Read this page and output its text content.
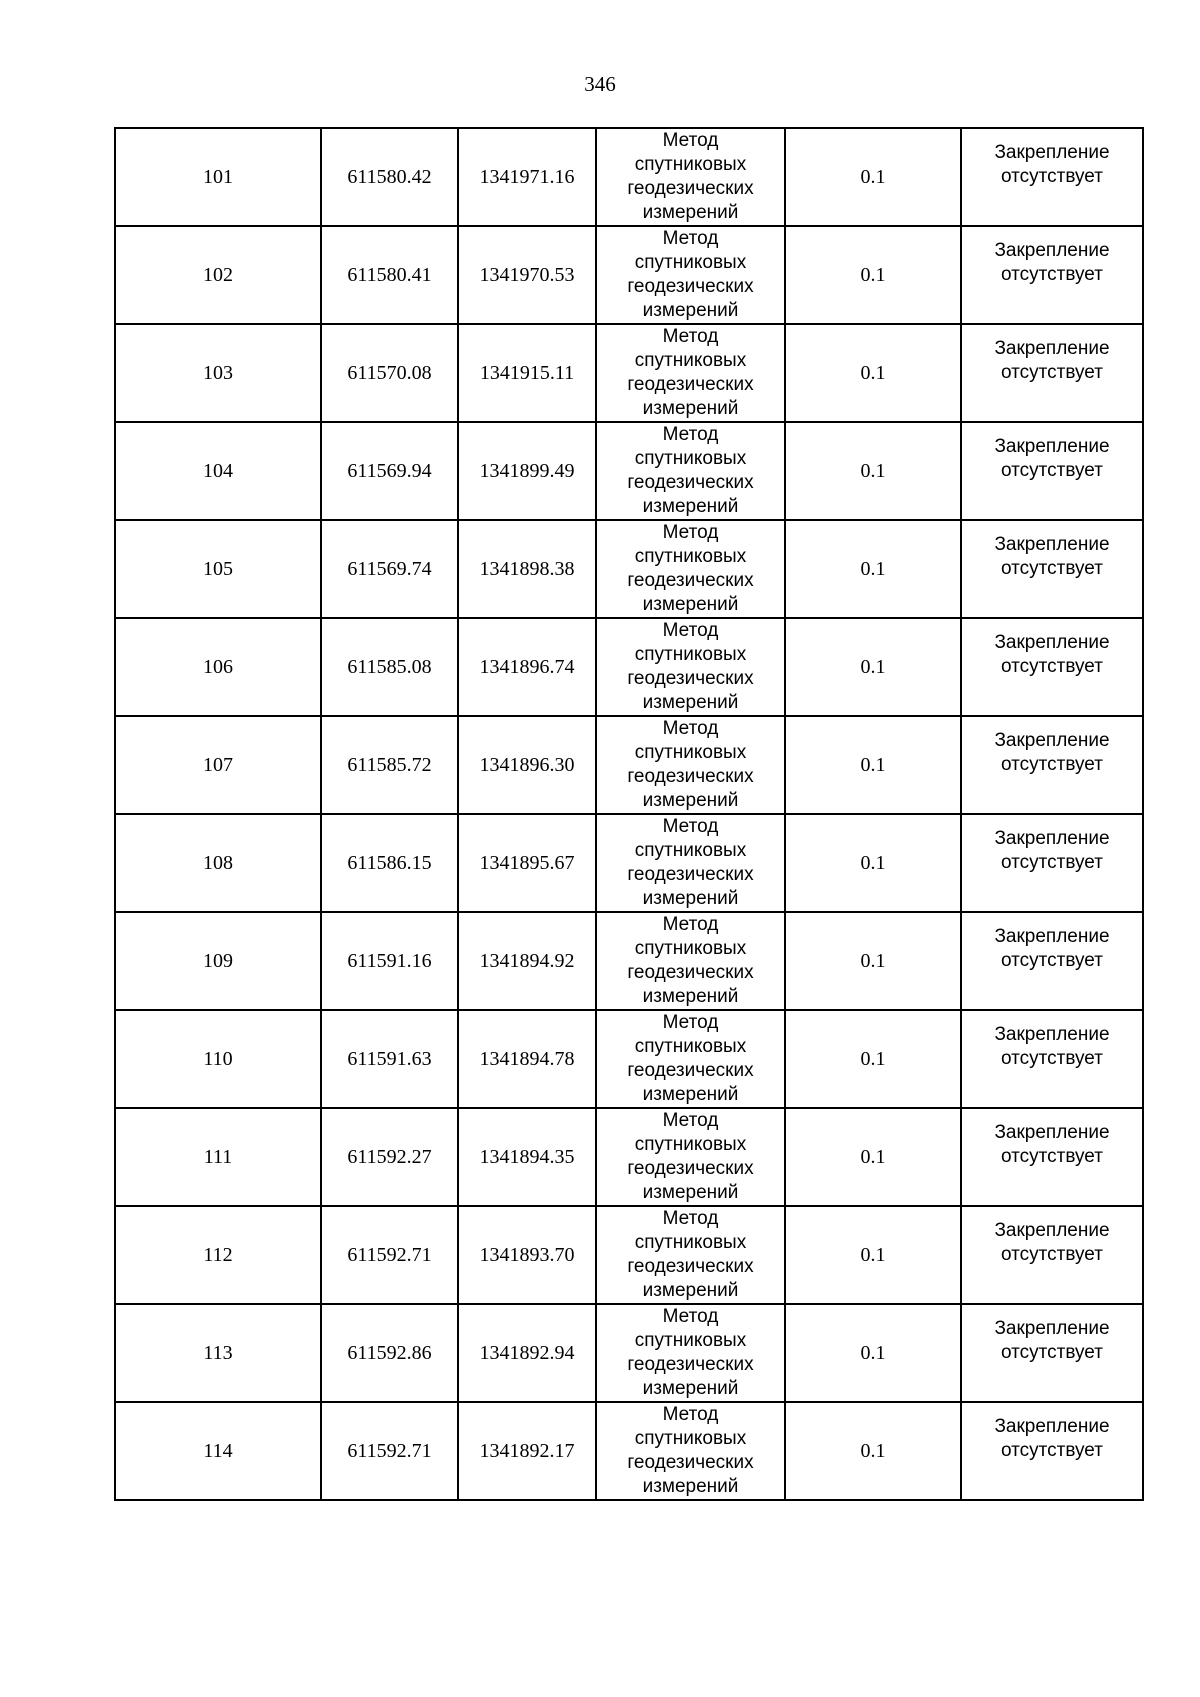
346
101	611580.42	1341971.16	Метод
спутниковых
геодезических
измерений	0.1	Закрепление
отсутствует

102	611580.41	1341970.53	Метод
спутниковых
геодезических
измерений	0.1	Закрепление
отсутствует

103	611570.08	1341915.11	Метод
спутниковых
геодезических
измерений	0.1	Закрепление
отсутствует

104	611569.94	1341899.49	Метод
спутниковых
геодезических
измерений	0.1	Закрепление
отсутствует

105	611569.74	1341898.38	Метод
спутниковых
геодезических
измерений	0.1	Закрепление
отсутствует

106	611585.08	1341896.74	Метод
спутниковых
геодезических
измерений	0.1	Закрепление
отсутствует

107	611585.72	1341896.30	Метод
спутниковых
геодезических
измерений	0.1	Закрепление
отсутствует

108	611586.15	1341895.67	Метод
спутниковых
геодезических
измерений	0.1	Закрепление
отсутствует

109	611591.16	1341894.92	Метод
спутниковых
геодезических
измерений	0.1	Закрепление
отсутствует

110	611591.63	1341894.78	Метод
спутниковых
геодезических
измерений	0.1	Закрепление
отсутствует

111	611592.27	1341894.35	Метод
спутниковых
геодезических
измерений	0.1	Закрепление
отсутствует

112	611592.71	1341893.70	Метод
спутниковых
геодезических
измерений	0.1	Закрепление
отсутствует

113	611592.86	1341892.94	Метод
спутниковых
геодезических
измерений	0.1	Закрепление
отсутствует

114	611592.71	1341892.17	Метод
спутниковых
геодезических
измерений	0.1	Закрепление
отсутствует
